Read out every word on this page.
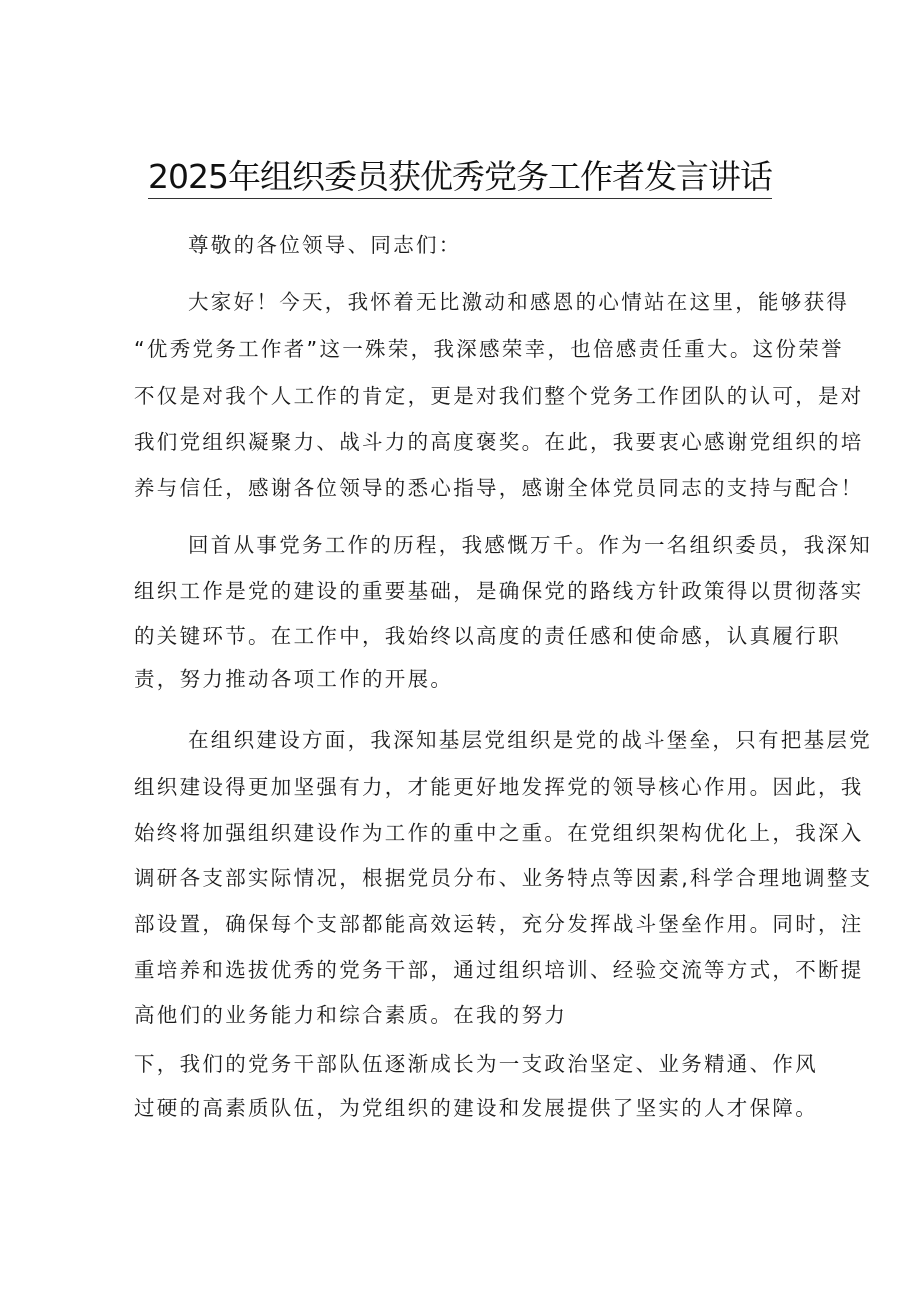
2025年组织委员获优秀党务工作者发言讲话
尊敬的各位领导、同志们：
大家好！今天，我怀着无比激动和感恩的心情站在这里，能够获得
“优秀党务工作者”这一殊荣，我深感荣幸，也倍感责任重大。这份荣誉
不仅是对我个人工作的肯定，更是对我们整个党务工作团队的认可，是对
我们党组织凝聚力、战斗力的高度褒奖。在此，我要衷心感谢党组织的培
养与信任，感谢各位领导的悉心指导，感谢全体党员同志的支持与配合！
回首从事党务工作的历程，我感慨万千。作为一名组织委员，我深知
组织工作是党的建设的重要基础，是确保党的路线方针政策得以贯彻落实
的关键环节。在工作中，我始终以高度的责任感和使命感，认真履行职
责，努力推动各项工作的开展。
在组织建设方面，我深知基层党组织是党的战斗堡垒，只有把基层党
组织建设得更加坚强有力，才能更好地发挥党的领导核心作用。因此，我
始终将加强组织建设作为工作的重中之重。在党组织架构优化上，我深入
调研各支部实际情况，根据党员分布、业务特点等因素,科学合理地调整支
部设置，确保每个支部都能高效运转，充分发挥战斗堡垒作用。同时，注
重培养和选拔优秀的党务干部，通过组织培训、经验交流等方式，不断提
高他们的业务能力和综合素质。在我的努力
下，我们的党务干部队伍逐渐成长为一支政治坚定、业务精通、作风
过硬的高素质队伍，为党组织的建设和发展提供了坚实的人才保障。
